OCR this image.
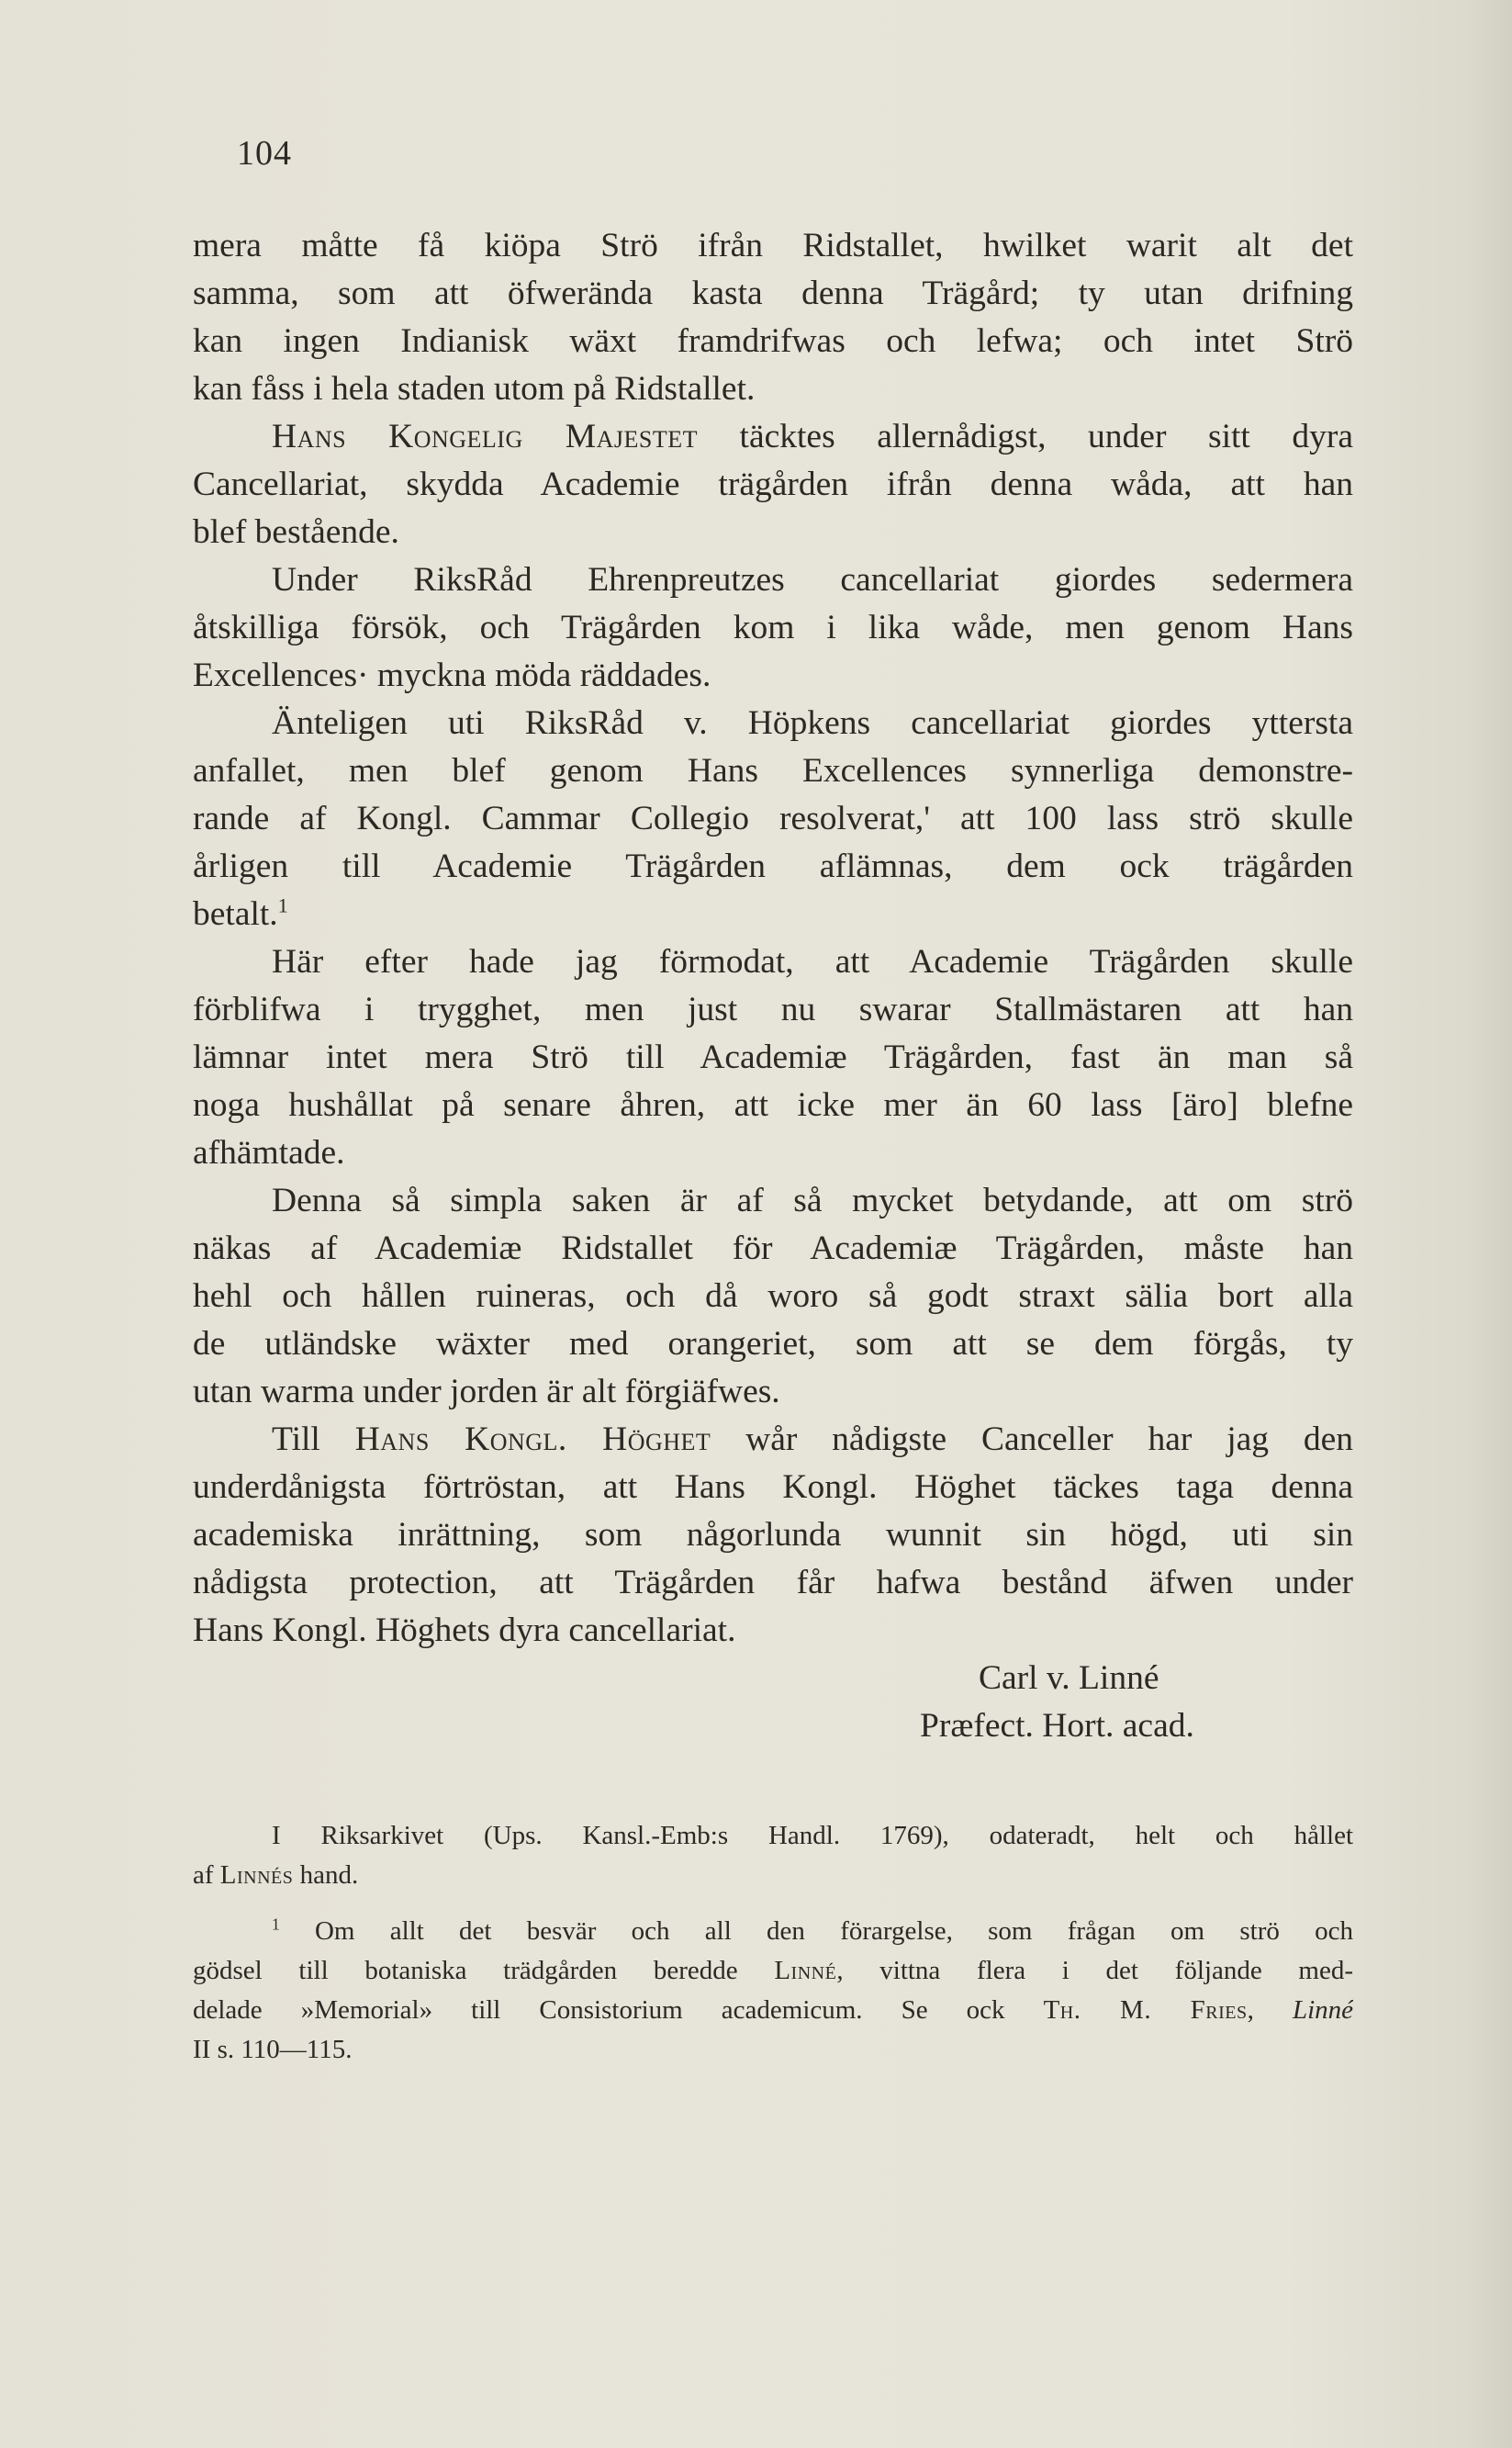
104
mera måtte få kiöpa Strö ifrån Ridstallet, hwilket warit alt det
samma, som att öfwerända kasta denna Trägård; ty utan drifning
kan ingen Indianisk wäxt framdrifwas och lefwa; och intet Strö
kan fåss i hela staden utom på Ridstallet.
Hans Kongelig Majestet täcktes allernådigst, under sitt dyra
Cancellariat, skydda Academie trägården ifrån denna wåda, att han
blef bestående.
Under RiksRåd Ehrenpreutzes cancellariat giordes sedermera
åtskilliga försök, och Trägården kom i lika wåde, men genom Hans
Excellences· myckna möda räddades.
Änteligen uti RiksRåd v. Höpkens cancellariat giordes yttersta
anfallet, men blef genom Hans Excellences synnerliga demonstre-
rande af Kongl. Cammar Collegio resolverat,' att 100 lass strö skulle
årligen till Academie Trägården aflämnas, dem ock trägården
betalt.$^1$
Här efter hade jag förmodat, att Academie Trägården skulle
förblifwa i trygghet, men just nu swarar Stallmästaren att han
lämnar intet mera Strö till Academiæ Trägården, fast än man så
noga hushållat på senare åhren, att icke mer än 60 lass [äro] blefne
afhämtade.
Denna så simpla saken är af så mycket betydande, att om strö
näkas af Academiæ Ridstallet för Academiæ Trägården, måste han
hehl och hållen ruineras, och då woro så godt straxt sälia bort alla
de utländske wäxter med orangeriet, som att se dem förgås, ty
utan warma under jorden är alt förgiäfwes.
Till Hans Kongl. Höghet wår nådigste Canceller har jag den
underdånigsta förtröstan, att Hans Kongl. Höghet täckes taga denna
academiska inrättning, som någorlunda wunnit sin högd, uti sin
nådigsta protection, att Trägården får hafwa bestånd äfwen under
Hans Kongl. Höghets dyra cancellariat.
Carl v. Linné
Præfect. Hort. acad.
I Riksarkivet (Ups. Kansl.-Emb:s Handl. 1769), odateradt, helt och hållet
af Linnés hand.
$^1$ Om allt det besvär och all den förargelse, som frågan om strö och
gödsel till botaniska trädgården beredde Linné, vittna flera i det följande med-
delade »Memorial» till Consistorium academicum. Se ock Th. M. Fries, Linné
II s. 110—115.
